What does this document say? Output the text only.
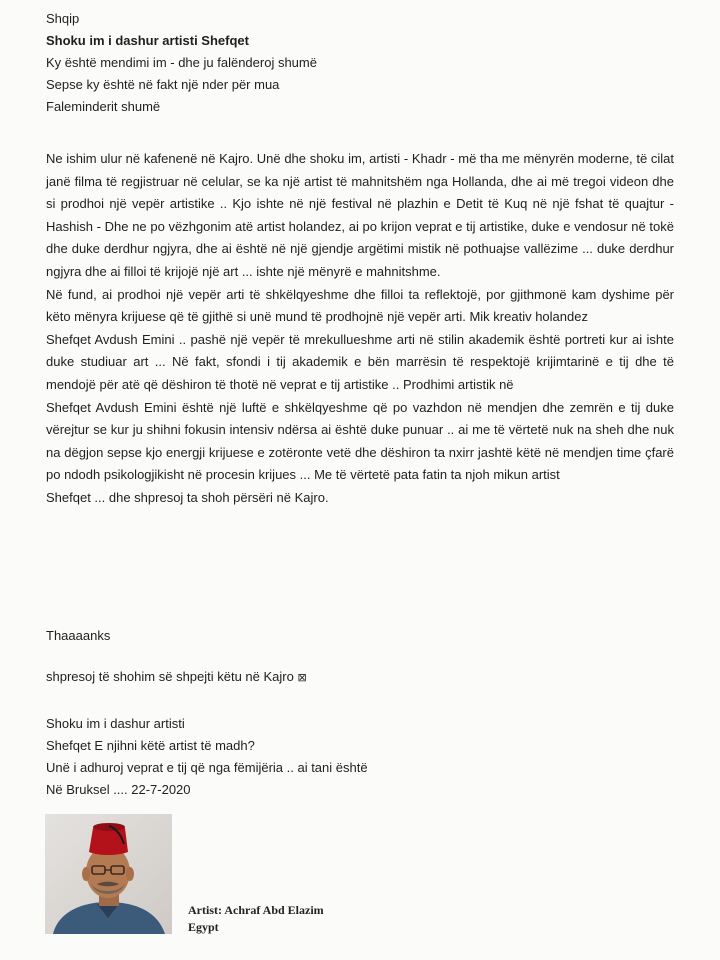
Shqip
Shoku im i dashur artisti Shefqet
Ky është mendimi im - dhe ju falënderoj shumë
Sepse ky është në fakt një nder për mua
Faleminderit shumë

Ne ishim ulur në kafenenë në Kajro. Unë dhe shoku im, artisti - Khadr - më tha me mënyrën moderne, të cilat janë filma të regjistruar në celular, se ka një artist të mahnitshëm nga Hollanda, dhe ai më tregoi videon dhe si prodhoi një vepër artistike .. Kjo ishte në një festival në plazhin e Detit të Kuq në një fshat të quajtur - Hashish - Dhe ne po vëzhgonim atë artist holandez, ai po krijon veprat e tij artistike, duke e vendosur në tokë dhe duke derdhur ngjyra, dhe ai është në një gjendje argëtimi mistik në pothuajse vallëzime ... duke derdhur ngjyra dhe ai filloi të krijojë një art ... ishte një mënyrë e mahnitshme.

Në fund, ai prodhoi një vepër arti të shkëlqyeshme dhe filloi ta reflektojë, por gjithmonë kam dyshime për këto mënyra krijuese që të gjithë si unë mund të prodhojnë një vepër arti. Mik kreativ holandez

Shefqet Avdush Emini .. pashë një vepër të mrekullueshme arti në stilin akademik është portreti kur ai ishte duke studiuar art ... Në fakt, sfondi i tij akademik e bën marrësin të respektojë krijimtarinë e tij dhe të mendojë për atë që dëshiron të thotë në veprat e tij artistike .. Prodhimi artistik në

Shefqet Avdush Emini është një luftë e shkëlqyeshme që po vazhdon në mendjen dhe zemrën e tij duke vërejtur se kur ju shihni fokusin intensiv ndërsa ai është duke punuar .. ai me të vërtetë nuk na sheh dhe nuk na dëgjon sepse kjo energji krijuese e zotëronte vetë dhe dëshiron ta nxirr jashtë këtë në mendjen time çfarë po ndodh psikologjikisht në procesin krijues ... Me të vërtetë pata fatin ta njoh mikun artist

Shefqet ... dhe shpresoj ta shoh përsëri në Kajro.

Thaaaanks
shpresoj të shohim së shpejti këtu në Kajro ⊠
Shoku im i dashur artisti
Shefqet E njihni këtë artist të madh?
Unë i adhuroj veprat e tij që nga fëmijëria .. ai tani është
Në Bruksel .... 22-7-2020
Artist: Achraf Abd Elazim
Egypt
